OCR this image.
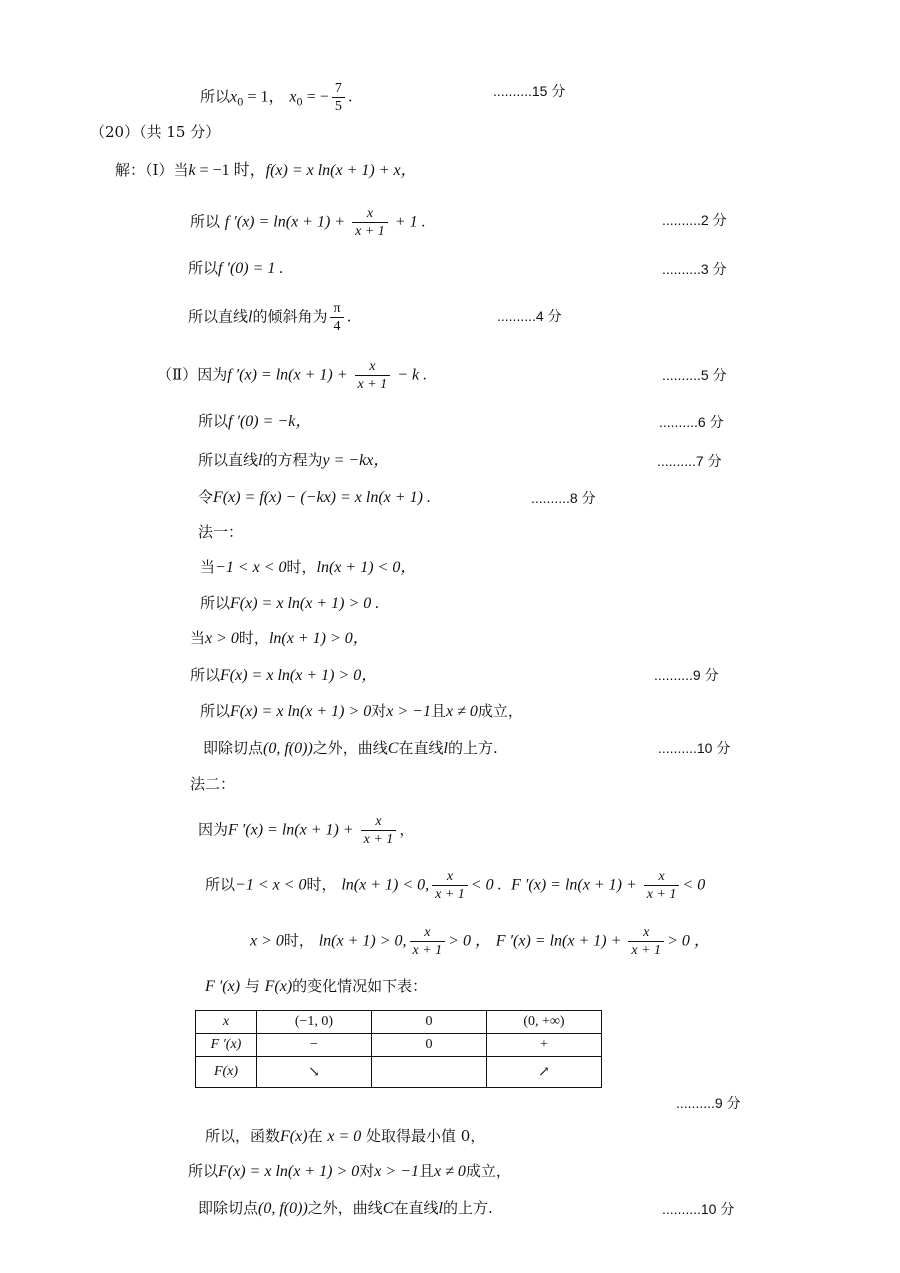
所以$x_0 = 1$， $x_0$ = − $\frac{7}{5}$ .	..........15 分
（20）（共 15 分）
解：（Ⅰ）当k = −1 时，f(x) = x ln(x + 1) + x，
所以 f $'(x) = \ln(x + 1) + \frac{x}{x + 1} + 1$ .	..........2 分
所以f ′(0) = 1 .	..........3 分
所以直线l的倾斜角为 $\frac{\pi}{4}$ .	..........4 分
（Ⅱ）因为f $'(x) = \ln(x + 1) + \frac{x}{x + 1} - k$ .	..........5 分
所以f ′(0) = −k，	..........6 分
所以直线l的方程为y = −kx，	..........7 分
令F(x) = f(x) − (−kx) = x ln(x + 1) .	..........8 分
法一：
当−1 < x < 0时，ln(x + 1) < 0，
所以F(x) = x ln(x + 1) > 0 .
当x > 0时，ln(x + 1) > 0，
所以F(x) = x ln(x + 1) > 0，	..........9 分
所以F(x) = x ln(x + 1) > 0对x > −1且x ≠ 0成立，
即除切点(0, f(0))之外，曲线C在直线l的上方.	..........10 分
法二：
因为F $'(x) = \ln(x + 1) + \frac{x}{x + 1}$ ，
所以−1 < x < 0时， ln(x + 1) < 0, $\frac{x}{x + 1} < 0$ . F $'(x) = \ln(x + 1) + \frac{x}{x + 1} < 0$
x > 0时， ln(x + 1) > 0, $\frac{x}{x + 1} > 0$ ， F $'(x) = \ln(x + 1) + \frac{x}{x + 1} > 0$ ，
F ′(x) 与 F(x)的变化情况如下表：
x	(−1, 0)	0	(0, +∞)
F ′(x)	−	0	+
F(x)	↘		↗
..........9 分
所以，函数F(x)在 x = 0 处取得最小值 0，
所以F(x) = x ln(x + 1) > 0对x > −1且x ≠ 0成立，
即除切点(0, f(0))之外，曲线C在直线l的上方.	..........10 分
